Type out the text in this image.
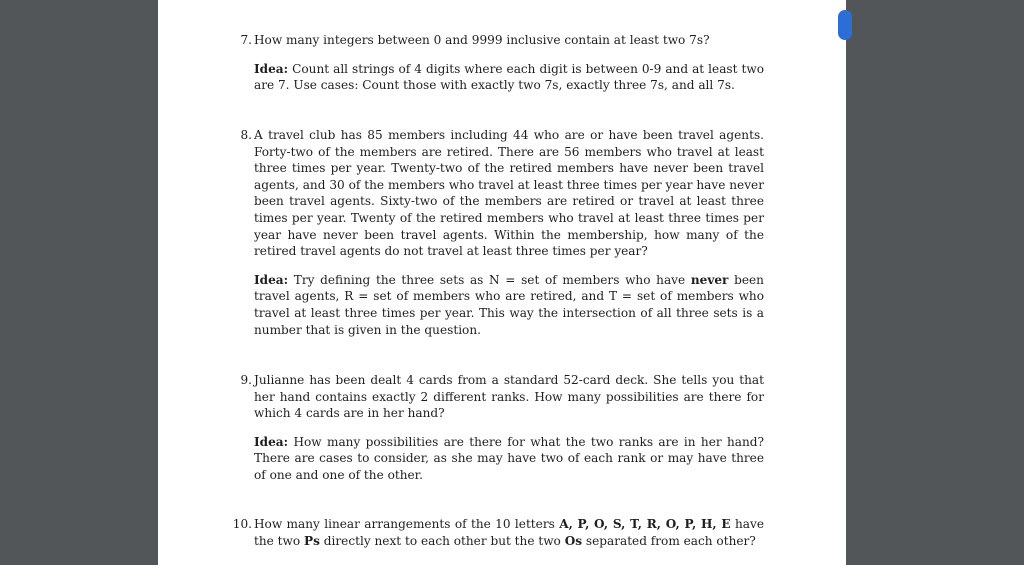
7. How many integers between 0 and 9999 inclusive contain at least two 7s?
Idea: Count all strings of 4 digits where each digit is between 0-9 and at least two are 7. Use cases: Count those with exactly two 7s, exactly three 7s, and all 7s.
8. A travel club has 85 members including 44 who are or have been travel agents. Forty-two of the members are retired. There are 56 members who travel at least three times per year. Twenty-two of the retired members have never been travel agents, and 30 of the members who travel at least three times per year have never been travel agents. Sixty-two of the members are retired or travel at least three times per year. Twenty of the retired members who travel at least three times per year have never been travel agents. Within the membership, how many of the retired travel agents do not travel at least three times per year?
Idea: Try defining the three sets as N = set of members who have never been travel agents, R = set of members who are retired, and T = set of members who travel at least three times per year. This way the intersection of all three sets is a number that is given in the question.
9. Julianne has been dealt 4 cards from a standard 52-card deck. She tells you that her hand contains exactly 2 different ranks. How many possibilities are there for which 4 cards are in her hand?
Idea: How many possibilities are there for what the two ranks are in her hand? There are cases to consider, as she may have two of each rank or may have three of one and one of the other.
10. How many linear arrangements of the 10 letters A, P, O, S, T, R, O, P, H, E have the two Ps directly next to each other but the two Os separated from each other?
